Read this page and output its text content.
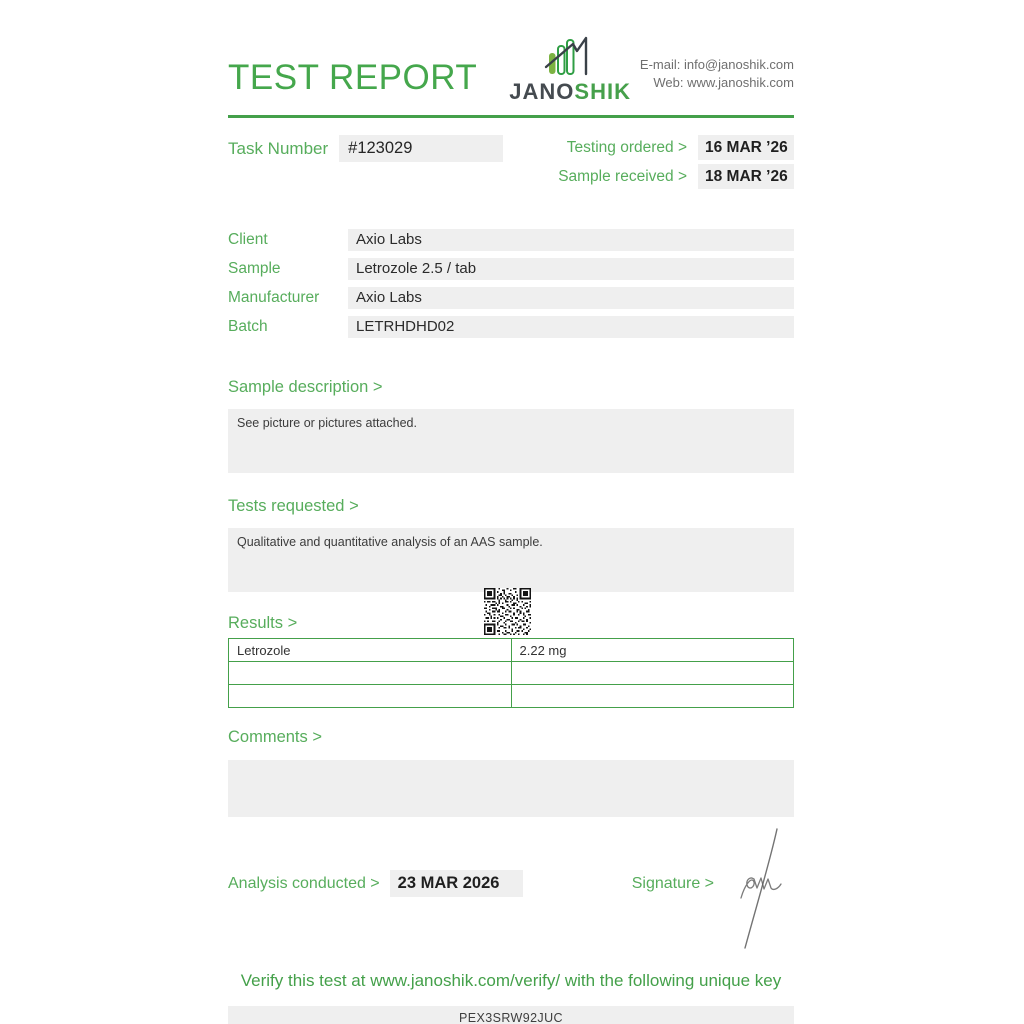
TEST REPORT JANOSHIK
E-mail: info@janoshik.com
Web: www.janoshik.com
Task Number	#123029	Testing ordered >	16 MAR ’26
Sample received >	18 MAR ’26
Client	Axio Labs
Sample	Letrozole 2.5 / tab
Manufacturer	Axio Labs
Batch	LETRHDHD02
Sample description >
See picture or pictures attached.
Tests requested >
Qualitative and quantitative analysis of an AAS sample.
Results >
Letrozole	2.22 mg

Comments >
Analysis conducted >	23 MAR 2026	Signature >
Verify this test at www.janoshik.com/verify/ with the following unique key
PEX3SRW92JUC
